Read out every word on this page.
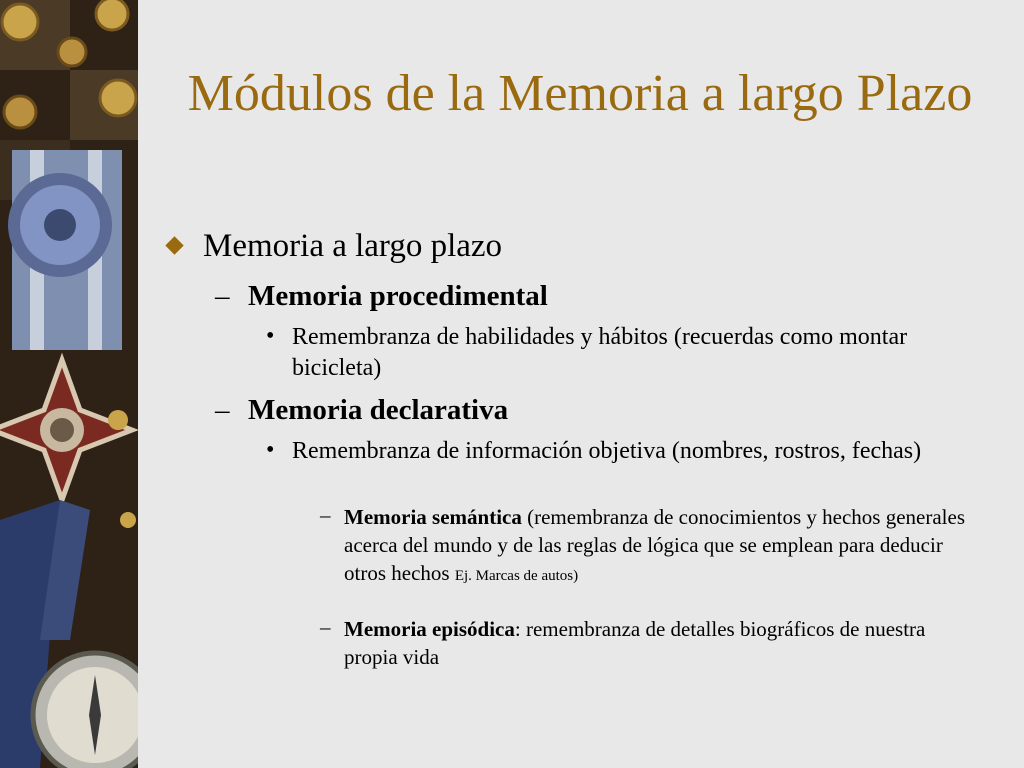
Módulos de la Memoria a largo Plazo
Memoria a largo plazo
– Memoria procedimental
• Remembranza de habilidades y hábitos (recuerdas como montar bicicleta)
– Memoria declarativa
• Remembranza de información objetiva (nombres, rostros, fechas)
– Memoria semántica (remembranza de conocimientos y hechos generales acerca del mundo y de las reglas de lógica que se emplean para deducir otros hechos Ej. Marcas de autos)
– Memoria episódica: remembranza de detalles biográficos de nuestra propia vida
